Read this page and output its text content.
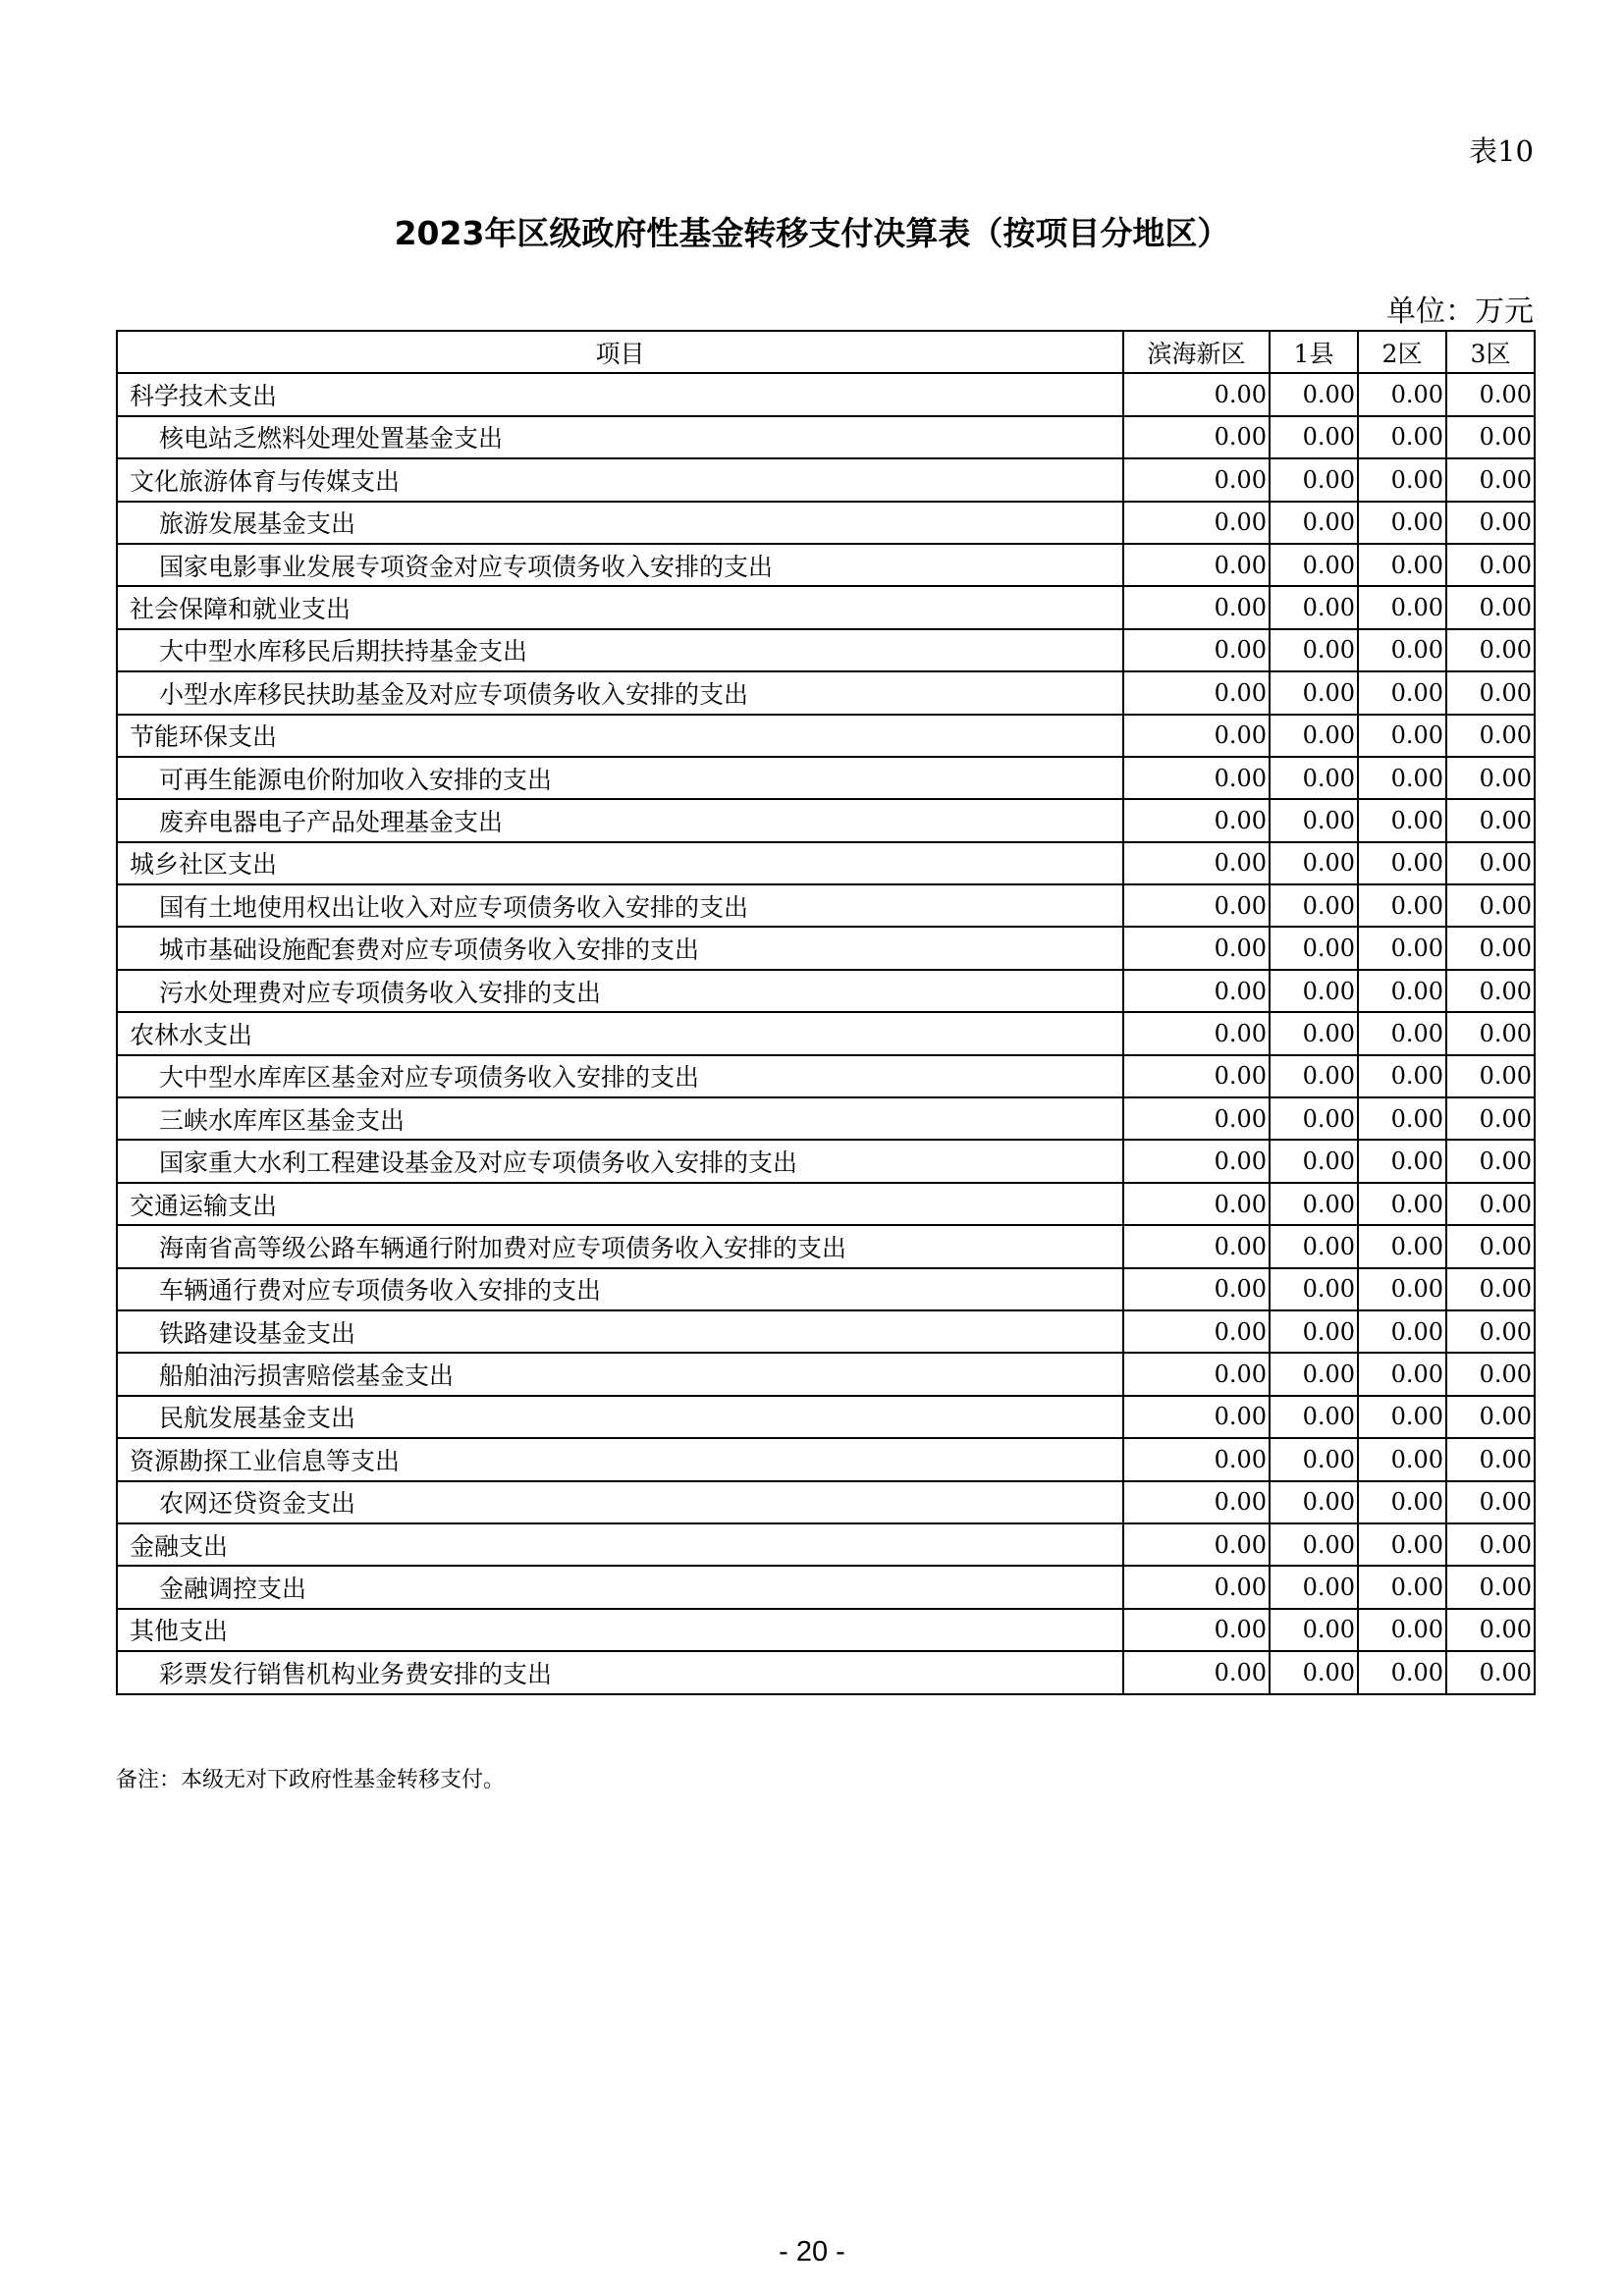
表10
2023年区级政府性基金转移支付决算表（按项目分地区）
单位：万元
项目	滨海新区	1县	2区	3区
科学技术支出	0.00	0.00	0.00	0.00
核电站乏燃料处理处置基金支出	0.00	0.00	0.00	0.00
文化旅游体育与传媒支出	0.00	0.00	0.00	0.00
旅游发展基金支出	0.00	0.00	0.00	0.00
国家电影事业发展专项资金对应专项债务收入安排的支出	0.00	0.00	0.00	0.00
社会保障和就业支出	0.00	0.00	0.00	0.00
大中型水库移民后期扶持基金支出	0.00	0.00	0.00	0.00
小型水库移民扶助基金及对应专项债务收入安排的支出	0.00	0.00	0.00	0.00
节能环保支出	0.00	0.00	0.00	0.00
可再生能源电价附加收入安排的支出	0.00	0.00	0.00	0.00
废弃电器电子产品处理基金支出	0.00	0.00	0.00	0.00
城乡社区支出	0.00	0.00	0.00	0.00
国有土地使用权出让收入对应专项债务收入安排的支出	0.00	0.00	0.00	0.00
城市基础设施配套费对应专项债务收入安排的支出	0.00	0.00	0.00	0.00
污水处理费对应专项债务收入安排的支出	0.00	0.00	0.00	0.00
农林水支出	0.00	0.00	0.00	0.00
大中型水库库区基金对应专项债务收入安排的支出	0.00	0.00	0.00	0.00
三峡水库库区基金支出	0.00	0.00	0.00	0.00
国家重大水利工程建设基金及对应专项债务收入安排的支出	0.00	0.00	0.00	0.00
交通运输支出	0.00	0.00	0.00	0.00
海南省高等级公路车辆通行附加费对应专项债务收入安排的支出	0.00	0.00	0.00	0.00
车辆通行费对应专项债务收入安排的支出	0.00	0.00	0.00	0.00
铁路建设基金支出	0.00	0.00	0.00	0.00
船舶油污损害赔偿基金支出	0.00	0.00	0.00	0.00
民航发展基金支出	0.00	0.00	0.00	0.00
资源勘探工业信息等支出	0.00	0.00	0.00	0.00
农网还贷资金支出	0.00	0.00	0.00	0.00
金融支出	0.00	0.00	0.00	0.00
金融调控支出	0.00	0.00	0.00	0.00
其他支出	0.00	0.00	0.00	0.00
彩票发行销售机构业务费安排的支出	0.00	0.00	0.00	0.00
备注：本级无对下政府性基金转移支付。
- 20 -
